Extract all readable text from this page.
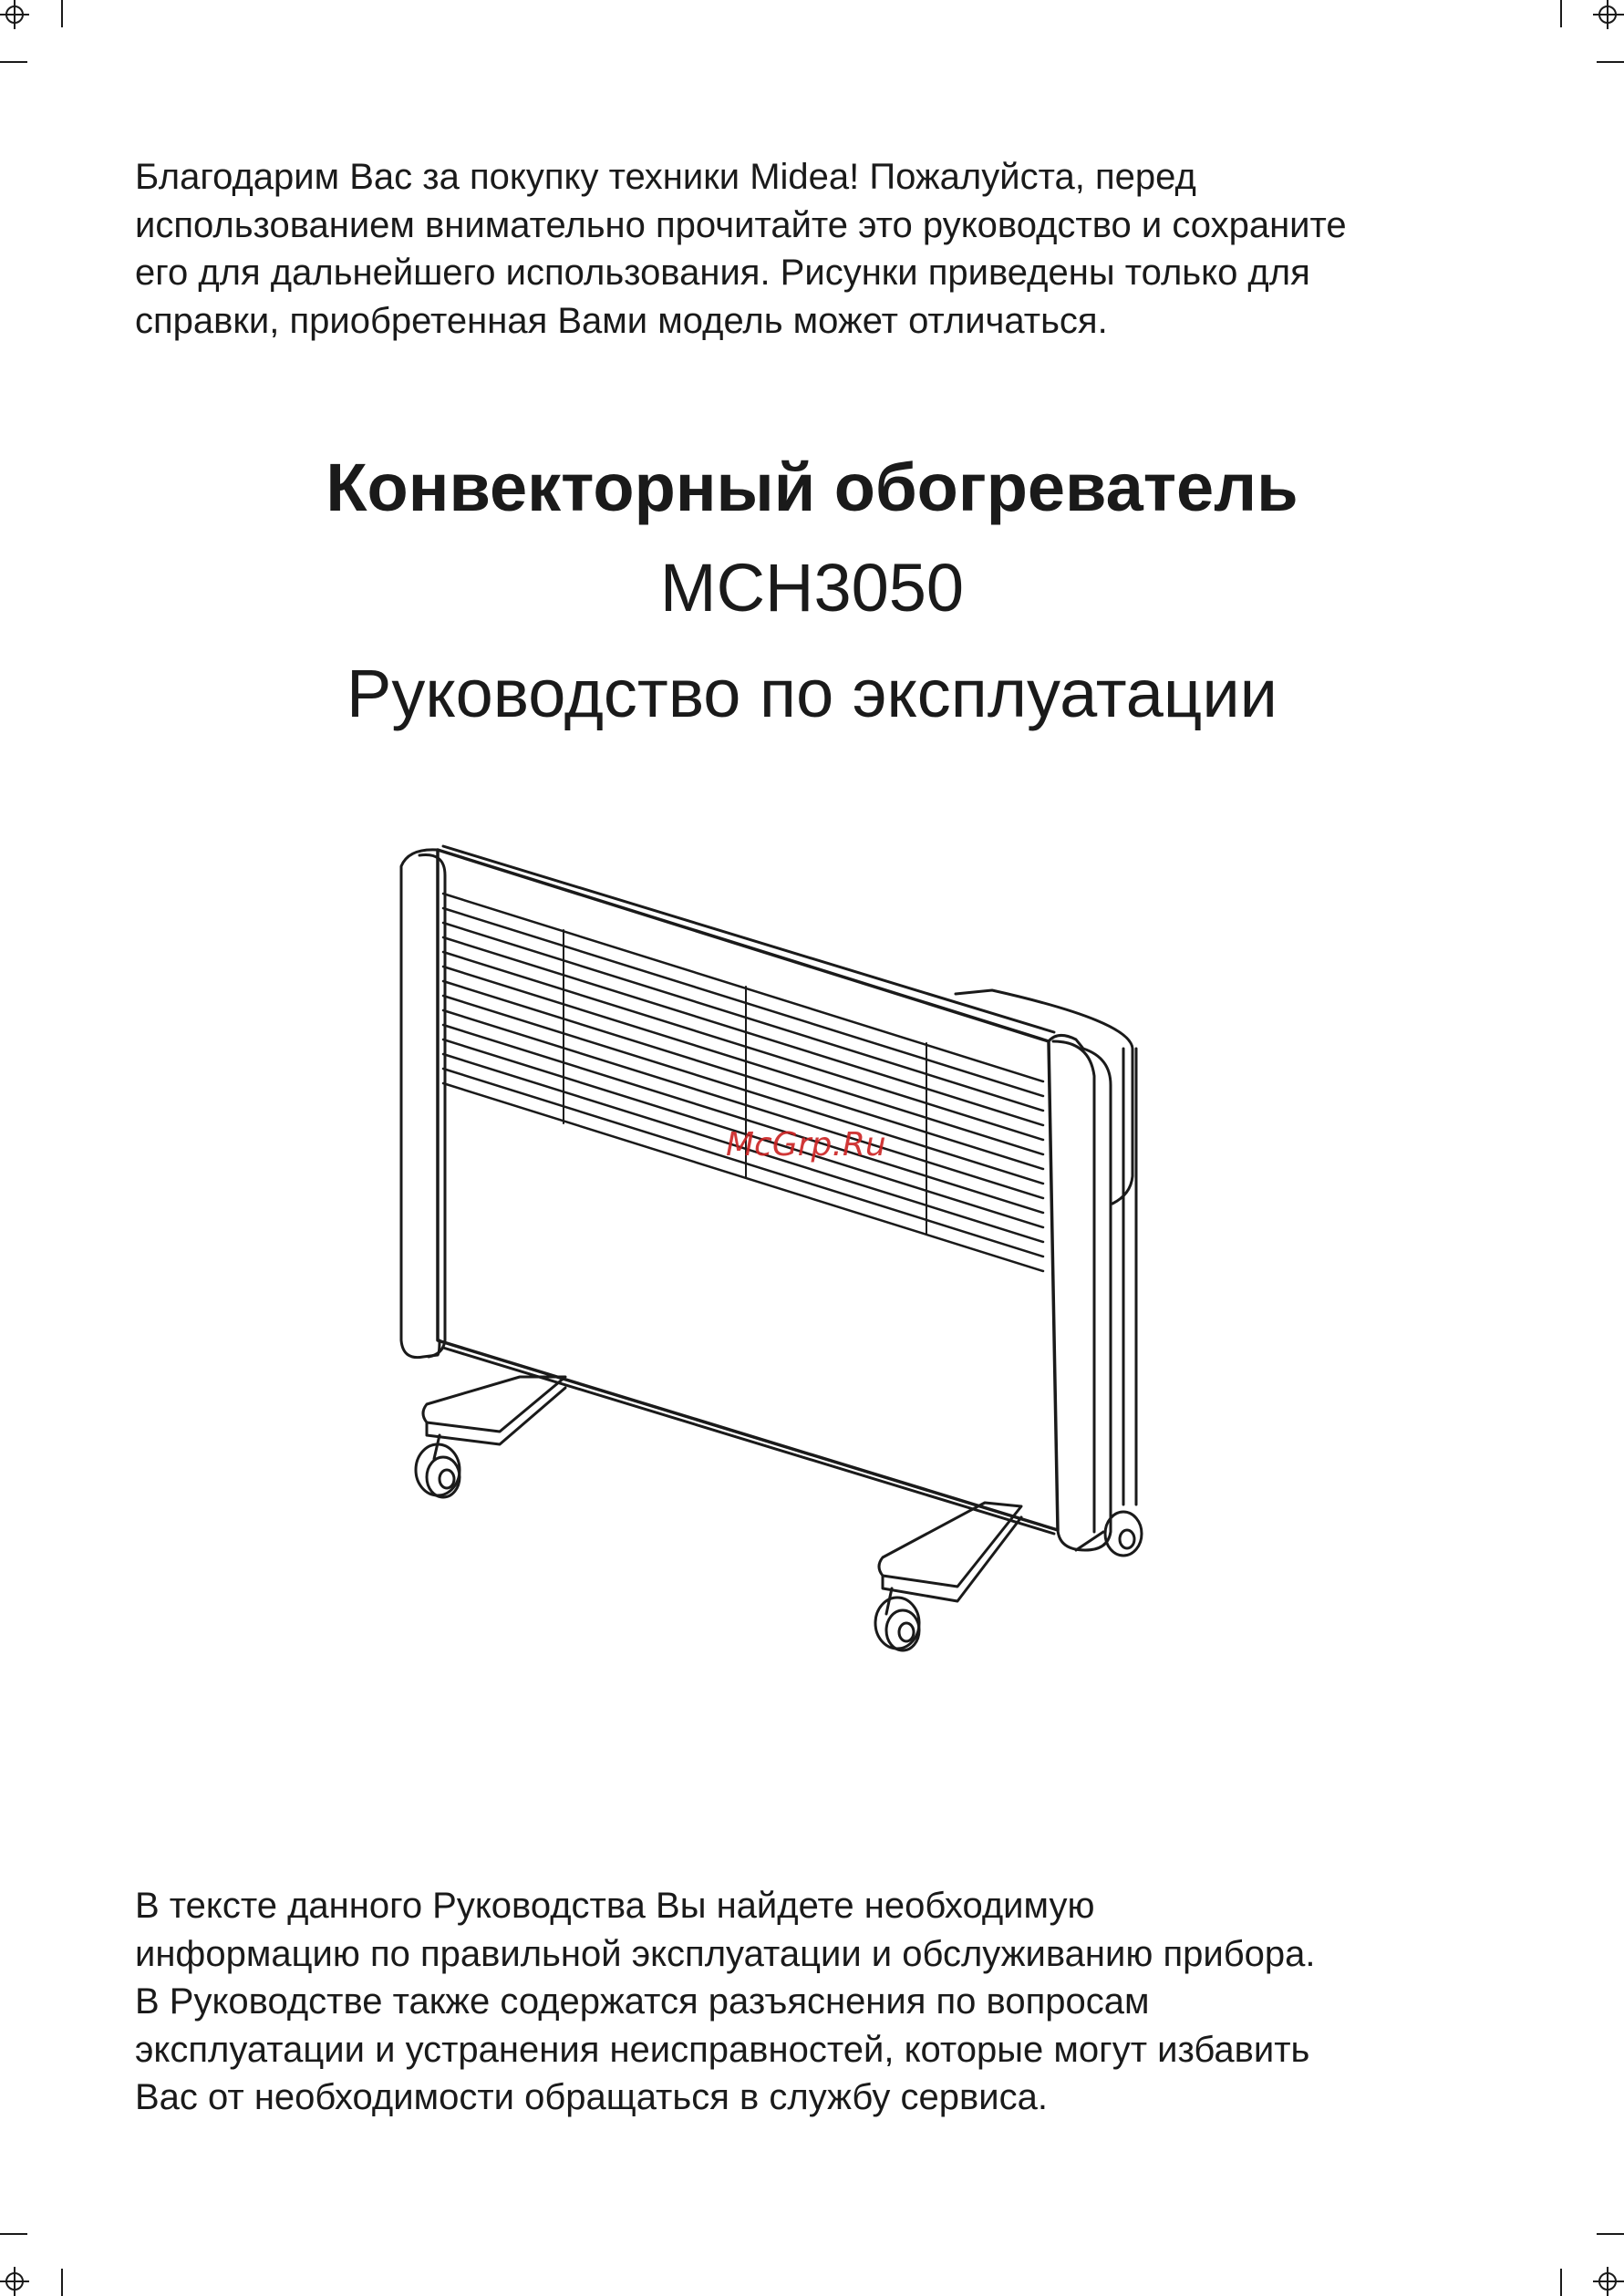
Благодарим Вас за покупку техники Midea! Пожалуйста, перед
использованием внимательно прочитайте это руководство и сохраните
его для дальнейшего использования. Рисунки приведены только для
справки, приобретенная Вами модель может отличаться.

Конвекторный обогреватель
MCH3050
Руководство по эксплуатации
McGrp.Ru

В тексте данного Руководства Вы найдете необходимую
информацию по правильной эксплуатации и обслуживанию прибора.
В Руководстве также содержатся разъяснения по вопросам
эксплуатации и устранения неисправностей, которые могут избавить
Вас от необходимости обращаться в службу сервиса.
